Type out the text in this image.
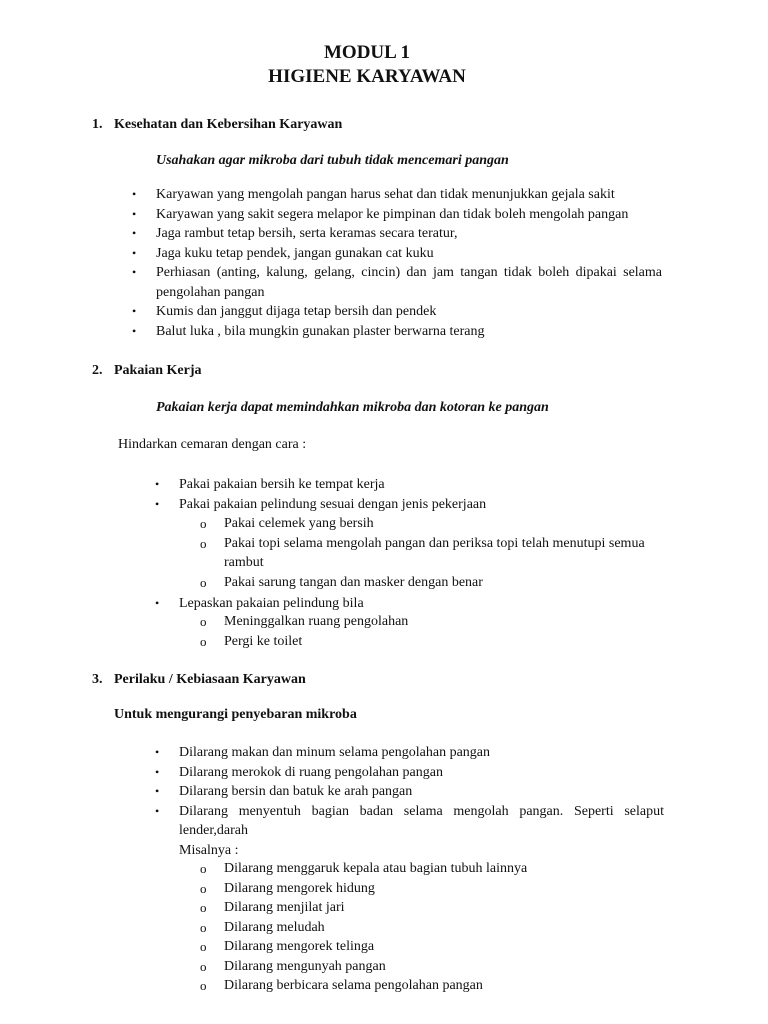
MODUL 1
HIGIENE KARYAWAN
1. Kesehatan dan Kebersihan Karyawan
Usahakan agar mikroba dari tubuh tidak mencemari pangan
• Karyawan yang mengolah pangan harus sehat dan tidak menunjukkan gejala sakit
• Karyawan yang sakit segera melapor ke pimpinan dan tidak boleh mengolah pangan
• Jaga rambut tetap bersih, serta keramas secara teratur,
• Jaga kuku tetap pendek, jangan gunakan cat kuku
• Perhiasan (anting, kalung, gelang, cincin) dan jam tangan tidak boleh dipakai selama pengolahan pangan
• Kumis dan janggut dijaga tetap bersih dan pendek
• Balut luka , bila mungkin gunakan plaster berwarna terang
2. Pakaian Kerja
Pakaian kerja dapat memindahkan mikroba dan kotoran ke pangan
Hindarkan cemaran dengan cara :
• Pakai pakaian bersih ke tempat kerja
• Pakai pakaian pelindung sesuai dengan jenis pekerjaan
o Pakai celemek yang bersih
o Pakai topi selama mengolah pangan dan periksa topi telah menutupi semua rambut
o Pakai sarung tangan dan masker dengan benar
• Lepaskan pakaian pelindung bila
o Meninggalkan ruang pengolahan
o Pergi ke toilet
3. Perilaku / Kebiasaan Karyawan
Untuk mengurangi penyebaran mikroba
• Dilarang makan dan minum selama pengolahan pangan
• Dilarang merokok di ruang pengolahan pangan
• Dilarang bersin dan batuk ke arah pangan
• Dilarang menyentuh bagian badan selama mengolah pangan. Seperti selaput lender,darah
Misalnya :
o Dilarang menggaruk kepala atau bagian tubuh lainnya
o Dilarang mengorek hidung
o Dilarang menjilat jari
o Dilarang meludah
o Dilarang mengorek telinga
o Dilarang mengunyah pangan
o Dilarang berbicara selama pengolahan pangan
